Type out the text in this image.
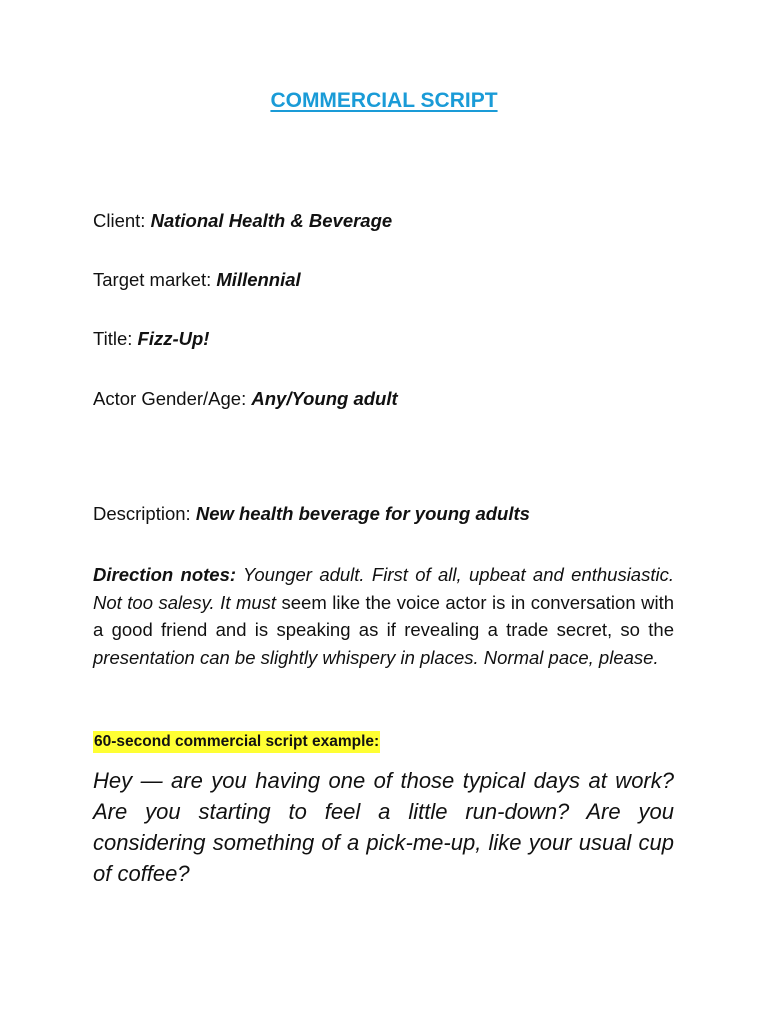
COMMERCIAL SCRIPT
Client: National Health & Beverage
Target market: Millennial
Title: Fizz-Up!
Actor Gender/Age: Any/Young adult
Description: New health beverage for young adults
Direction notes: Younger adult. First of all, upbeat and enthusiastic. Not too salesy. It must seem like the voice actor is in conversation with a good friend and is speaking as if revealing a trade secret, so the presentation can be slightly whispery in places. Normal pace, please.
60-second commercial script example:
Hey — are you having one of those typical days at work? Are you starting to feel a little run-down? Are you considering something of a pick-me-up, like your usual cup of coffee?
